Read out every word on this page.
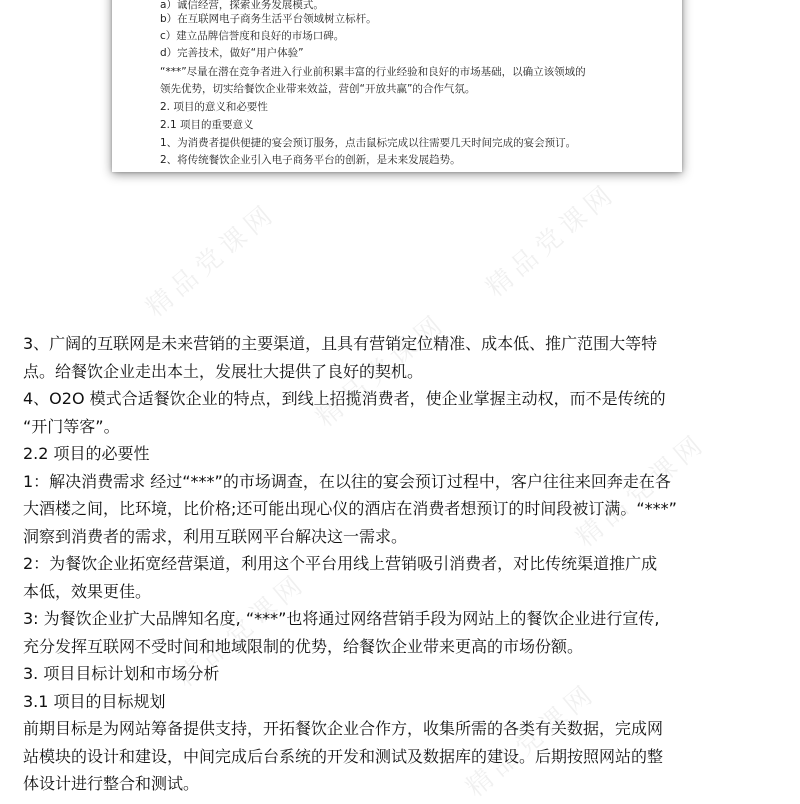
精品党课网	精品党课网
精品党课网
精品党课网
精品党课网
精品党课网
a）诚信经营，探索业务发展模式。
b）在互联网电子商务生活平台领域树立标杆。
c）建立品牌信誉度和良好的市场口碑。
d）完善技术，做好“用户体验”
“***”尽量在潜在竞争者进入行业前积累丰富的行业经验和良好的市场基础，以确立该领域的
领先优势，切实给餐饮企业带来效益，营创“开放共赢”的合作气氛。
2. 项目的意义和必要性
2.1 项目的重要意义
1、为消费者提供便捷的宴会预订服务，点击鼠标完成以往需要几天时间完成的宴会预订。
2、将传统餐饮企业引入电子商务平台的创新，是未来发展趋势。

3、广阔的互联网是未来营销的主要渠道，且具有营销定位精准、成本低、推广范围大等特

点。给餐饮企业走出本土，发展壮大提供了良好的契机。

4、O2O 模式合适餐饮企业的特点，到线上招揽消费者，使企业掌握主动权，而不是传统的

“开门等客”。

2.2 项目的必要性

1：解决消费需求 经过“***”的市场调查，在以往的宴会预订过程中，客户往往来回奔走在各

大酒楼之间，比环境，比价格;还可能出现心仪的酒店在消费者想预订的时间段被订满。“***”

洞察到消费者的需求，利用互联网平台解决这一需求。

2：为餐饮企业拓宽经营渠道，利用这个平台用线上营销吸引消费者，对比传统渠道推广成

本低，效果更佳。

3: 为餐饮企业扩大品牌知名度, “***”也将通过网络营销手段为网站上的餐饮企业进行宣传,

充分发挥互联网不受时间和地域限制的优势，给餐饮企业带来更高的市场份额。

3. 项目目标计划和市场分析

3.1 项目的目标规划

前期目标是为网站筹备提供支持，开拓餐饮企业合作方，收集所需的各类有关数据，完成网

站模块的设计和建设，中间完成后台系统的开发和测试及数据库的建设。后期按照网站的整

体设计进行整合和测试。
